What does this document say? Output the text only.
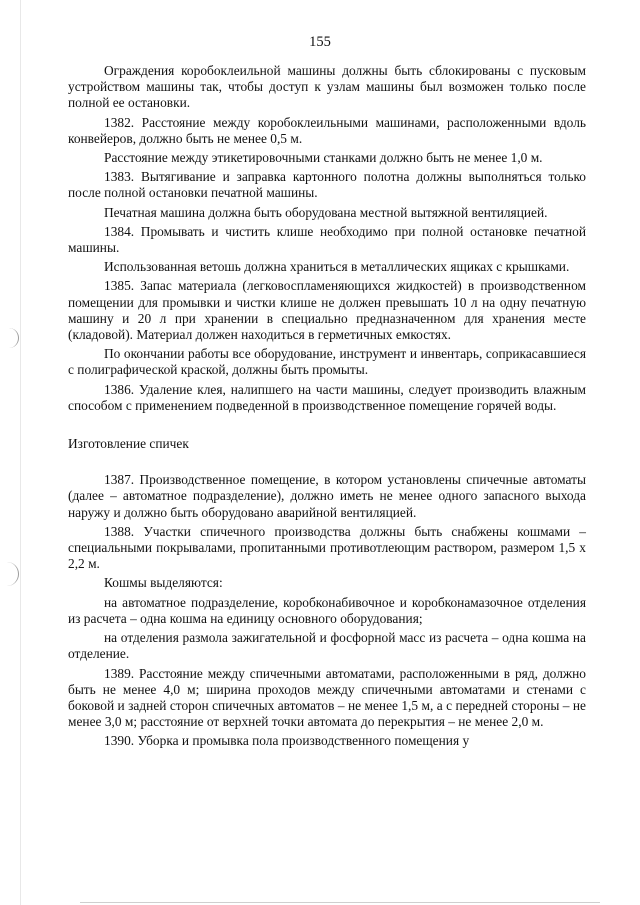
155

Ограждения коробоклеильной машины должны быть сблокированы с пусковым устройством машины так, чтобы доступ к узлам машины был возможен только после полной ее остановки.

1382. Расстояние между коробоклеильными машинами, расположенными вдоль конвейеров, должно быть не менее 0,5 м.

Расстояние между этикетировочными станками должно быть не менее 1,0 м.

1383. Вытягивание и заправка картонного полотна должны выполняться только после полной остановки печатной машины.

Печатная машина должна быть оборудована местной вытяжной вентиляцией.

1384. Промывать и чистить клише необходимо при полной остановке печатной машины.

Использованная ветошь должна храниться в металлических ящиках с крышками.

1385. Запас материала (легковоспламеняющихся жидкостей) в производственном помещении для промывки и чистки клише не должен превышать 10 л на одну печатную машину и 20 л при хранении в специально предназначенном для хранения месте (кладовой). Материал должен находиться в герметичных емкостях.

По окончании работы все оборудование, инструмент и инвентарь, соприкасавшиеся с полиграфической краской, должны быть промыты.

1386. Удаление клея, налипшего на части машины, следует производить влажным способом с применением подведенной в производственное помещение горячей воды.

Изготовление спичек

1387. Производственное помещение, в котором установлены спичечные автоматы (далее – автоматное подразделение), должно иметь не менее одного запасного выхода наружу и должно быть оборудовано аварийной вентиляцией.

1388. Участки спичечного производства должны быть снабжены кошмами – специальными покрывалами, пропитанными противотлеющим раствором, размером 1,5 х 2,2 м.

Кошмы выделяются:

на автоматное подразделение, коробконабивочное и коробконамазочное отделения из расчета – одна кошма на единицу основного оборудования;

на отделения размола зажигательной и фосфорной масс из расчета – одна кошма на отделение.

1389. Расстояние между спичечными автоматами, расположенными в ряд, должно быть не менее 4,0 м; ширина проходов между спичечными автоматами и стенами с боковой и задней сторон спичечных автоматов – не менее 1,5 м, а с передней стороны – не менее 3,0 м; расстояние от верхней точки автомата до перекрытия – не менее 2,0 м.

1390. Уборка и промывка пола производственного помещения у
